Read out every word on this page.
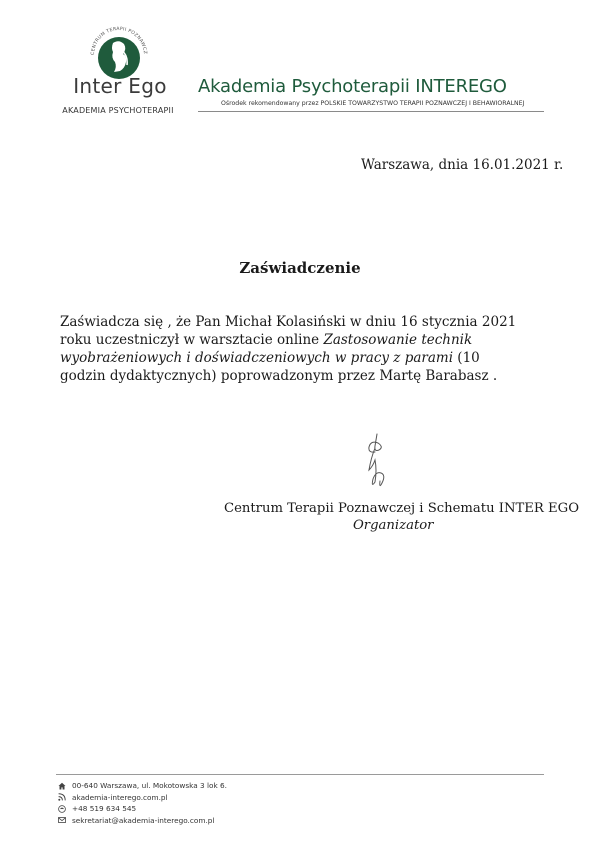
CENTRUM TERAPII POZNAWCZ
Inter Ego
AKADEMIA PSYCHOTERAPII
Akademia Psychoterapii INTEREGO
Ośrodek rekomendowany przez POLSKIE TOWARZYSTWO TERAPII POZNAWCZEJ I BEHAWIORALNEJ
Warszawa, dnia 16.01.2021 r.
Zaświadczenie
Zaświadcza się , że Pan Michał Kolasiński w dniu 16 stycznia 2021 roku uczestniczył w warsztacie online Zastosowanie technik wyobrażeniowych i doświadczeniowych w pracy z parami (10 godzin dydaktycznych) poprowadzonym przez Martę Barabasz .
Centrum Terapii Poznawczej i Schematu INTER EGO
Organizator
00-640 Warszawa, ul. Mokotowska 3 lok 6.
akademia-interego.com.pl
+48 519 634 545
sekretariat@akademia-interego.com.pl
